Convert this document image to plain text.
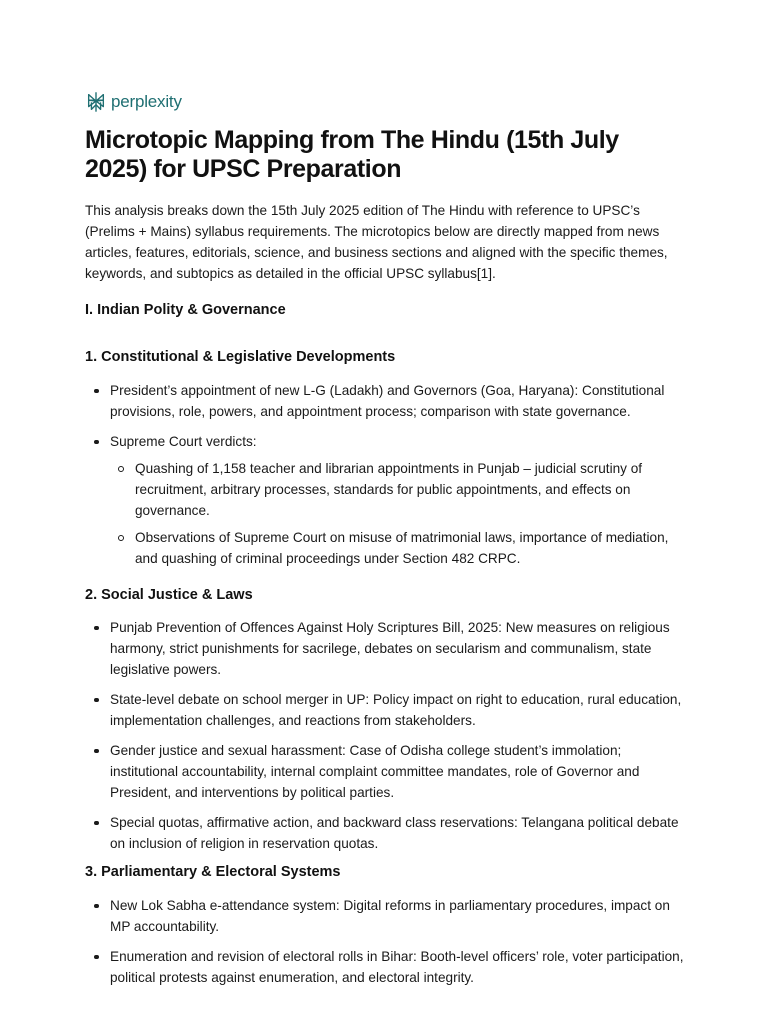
perplexity
Microtopic Mapping from The Hindu (15th July 2025) for UPSC Preparation

This analysis breaks down the 15th July 2025 edition of The Hindu with reference to UPSC’s (Prelims + Mains) syllabus requirements. The microtopics below are directly mapped from news articles, features, editorials, science, and business sections and aligned with the specific themes, keywords, and subtopics as detailed in the official UPSC syllabus[1].

I. Indian Polity & Governance
1. Constitutional & Legislative Developments
President’s appointment of new L-G (Ladakh) and Governors (Goa, Haryana): Constitutional provisions, role, powers, and appointment process; comparison with state governance.
Supreme Court verdicts:
Quashing of 1,158 teacher and librarian appointments in Punjab – judicial scrutiny of recruitment, arbitrary processes, standards for public appointments, and effects on governance.
Observations of Supreme Court on misuse of matrimonial laws, importance of mediation, and quashing of criminal proceedings under Section 482 CRPC.
2. Social Justice & Laws
Punjab Prevention of Offences Against Holy Scriptures Bill, 2025: New measures on religious harmony, strict punishments for sacrilege, debates on secularism and communalism, state legislative powers.
State-level debate on school merger in UP: Policy impact on right to education, rural education, implementation challenges, and reactions from stakeholders.
Gender justice and sexual harassment: Case of Odisha college student’s immolation; institutional accountability, internal complaint committee mandates, role of Governor and President, and interventions by political parties.
Special quotas, affirmative action, and backward class reservations: Telangana political debate on inclusion of religion in reservation quotas.
3. Parliamentary & Electoral Systems
New Lok Sabha e-attendance system: Digital reforms in parliamentary procedures, impact on MP accountability.
Enumeration and revision of electoral rolls in Bihar: Booth-level officers’ role, voter participation, political protests against enumeration, and electoral integrity.
